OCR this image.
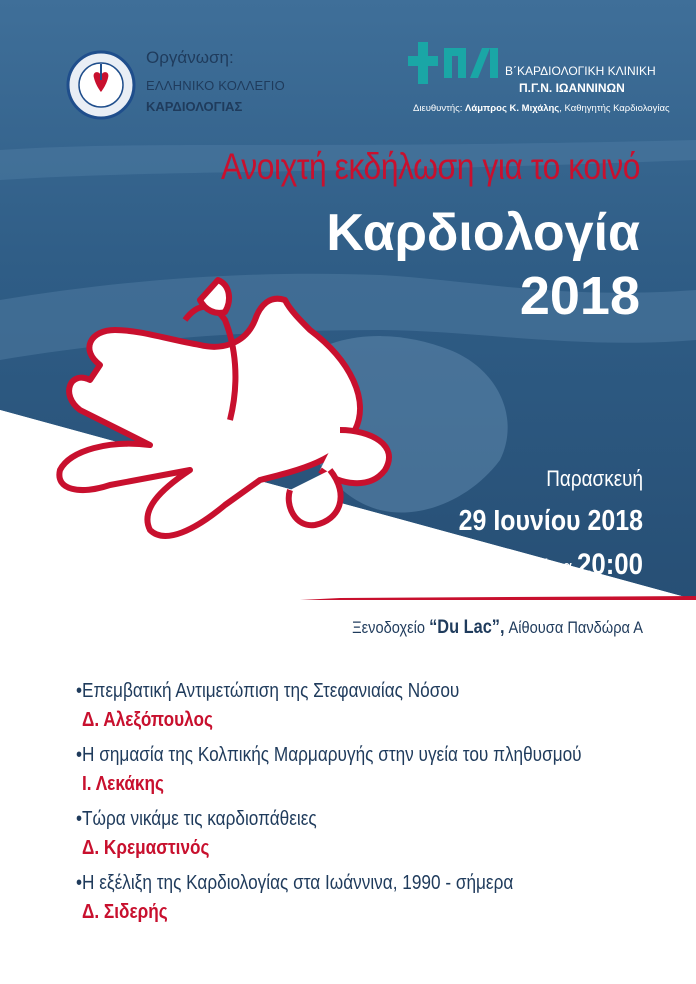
Οργάνωση:
ΕΛΛΗΝΙΚΟ ΚΟΛΛΕΓΙΟ
ΚΑΡΔΙΟΛΟΓΙΑΣ
Β΄ΚΑΡΔΙΟΛΟΓΙΚΗ ΚΛΙΝΙΚΗ
Π.Γ.Ν. ΙΩΑΝΝΙΝΩΝ
Διευθυντής: Λάμπρος Κ. Μιχάλης, Καθηγητής Καρδιολογίας
Ανοιχτή εκδήλωση για το κοινό
Καρδιολογία
2018
Παρασκευή
29 Ιουνίου 2018
ώρα 20:00
Ξενοδοχείο “Du Lac”, Αίθουσα Πανδώρα Α
•Επεμβατική Αντιμετώπιση της Στεφανιαίας Νόσου
Δ. Αλεξόπουλος
•Η σημασία της Κολπικής Μαρμαρυγής στην υγεία του πληθυσμού
Ι. Λεκάκης
•Τώρα νικάμε τις καρδιοπάθειες
Δ. Κρεμαστινός
•Η εξέλιξη της Καρδιολογίας στα Ιωάννινα, 1990 - σήμερα
Δ. Σιδερής
